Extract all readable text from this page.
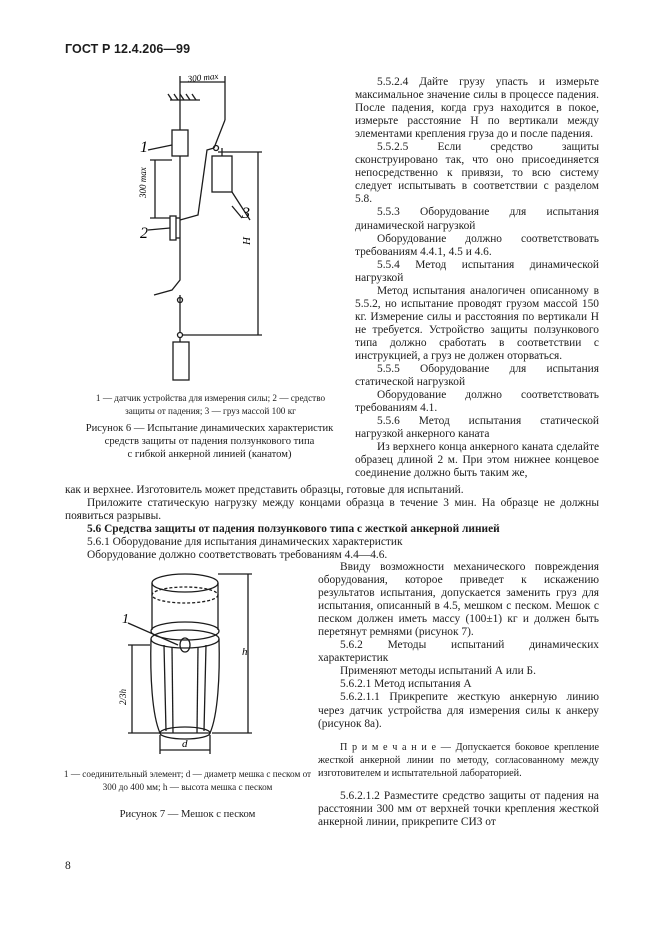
ГОСТ Р 12.4.206—99
300 max
300 max
H
1
2
3
1 — датчик устройства для измерения силы; 2 — средство защиты от падения; 3 — груз массой 100 кг
Рисунок 6 — Испытание динамических характеристик
средств защиты от падения ползункового типа
с гибкой анкерной линией (канатом)

5.5.2.4 Дайте грузу упасть и измерьте максимальное значение силы в процессе падения. После падения, когда груз находится в покое, измерьте расстояние H по вертикали между элементами крепления груза до и после падения.

5.5.2.5 Если средство защиты сконструировано так, что оно присоединяется непосредственно к привязи, то всю систему следует испытывать в соответствии с разделом 5.8.

5.5.3 Оборудование для испытания динамической нагрузкой

Оборудование должно соответствовать требованиям 4.4.1, 4.5 и 4.6.

5.5.4 Метод испытания динамической нагрузкой

Метод испытания аналогичен описанному в 5.5.2, но испытание проводят грузом массой 150 кг. Измерение силы и расстояния по вертикали H не требуется. Устройство защиты ползункового типа должно сработать в соответствии с инструкцией, а груз не должен оторваться.

5.5.5 Оборудование для испытания статической нагрузкой

Оборудование должно соответствовать требованиям 4.1.

5.5.6 Метод испытания статической нагрузкой анкерного каната

Из верхнего конца анкерного каната сделайте образец длиной 2 м. При этом нижнее концевое соединение должно быть таким же,

как и верхнее. Изготовитель может представить образцы, готовые для испытаний.

Приложите статическую нагрузку между концами образца в течение 3 мин. На образце не должны появиться разрывы.

5.6 Средства защиты от падения ползункового типа с жесткой анкерной линией

5.6.1 Оборудование для испытания динамических характеристик

Оборудование должно соответствовать требованиям 4.4—4.6.

1
h
d
2/3h
1 — соединительный элемент; d — диаметр мешка с песком от 300 до 400 мм; h — высота мешка с песком
Рисунок 7 — Мешок с песком

Ввиду возможности механического повреждения оборудования, которое приведет к искажению результатов испытания, допускается заменить груз для испытания, описанный в 4.5, мешком с песком. Мешок с песком должен иметь массу (100±1) кг и должен быть перетянут ремнями (рисунок 7).

5.6.2 Методы испытаний динамических характеристик

Применяют методы испытаний А или Б.

5.6.2.1 Метод испытания А

5.6.2.1.1 Прикрепите жесткую анкерную линию через датчик устройства для измерения силы к анкеру (рисунок 8а).

П р и м е ч а н и е — Допускается боковое крепление жесткой анкерной линии по методу, согласованному между изготовителем и испытательной лабораторией.

5.6.2.1.2 Разместите средство защиты от падения на расстоянии 300 мм от верхней точки крепления жесткой анкерной линии, прикрепите СИЗ от

8
